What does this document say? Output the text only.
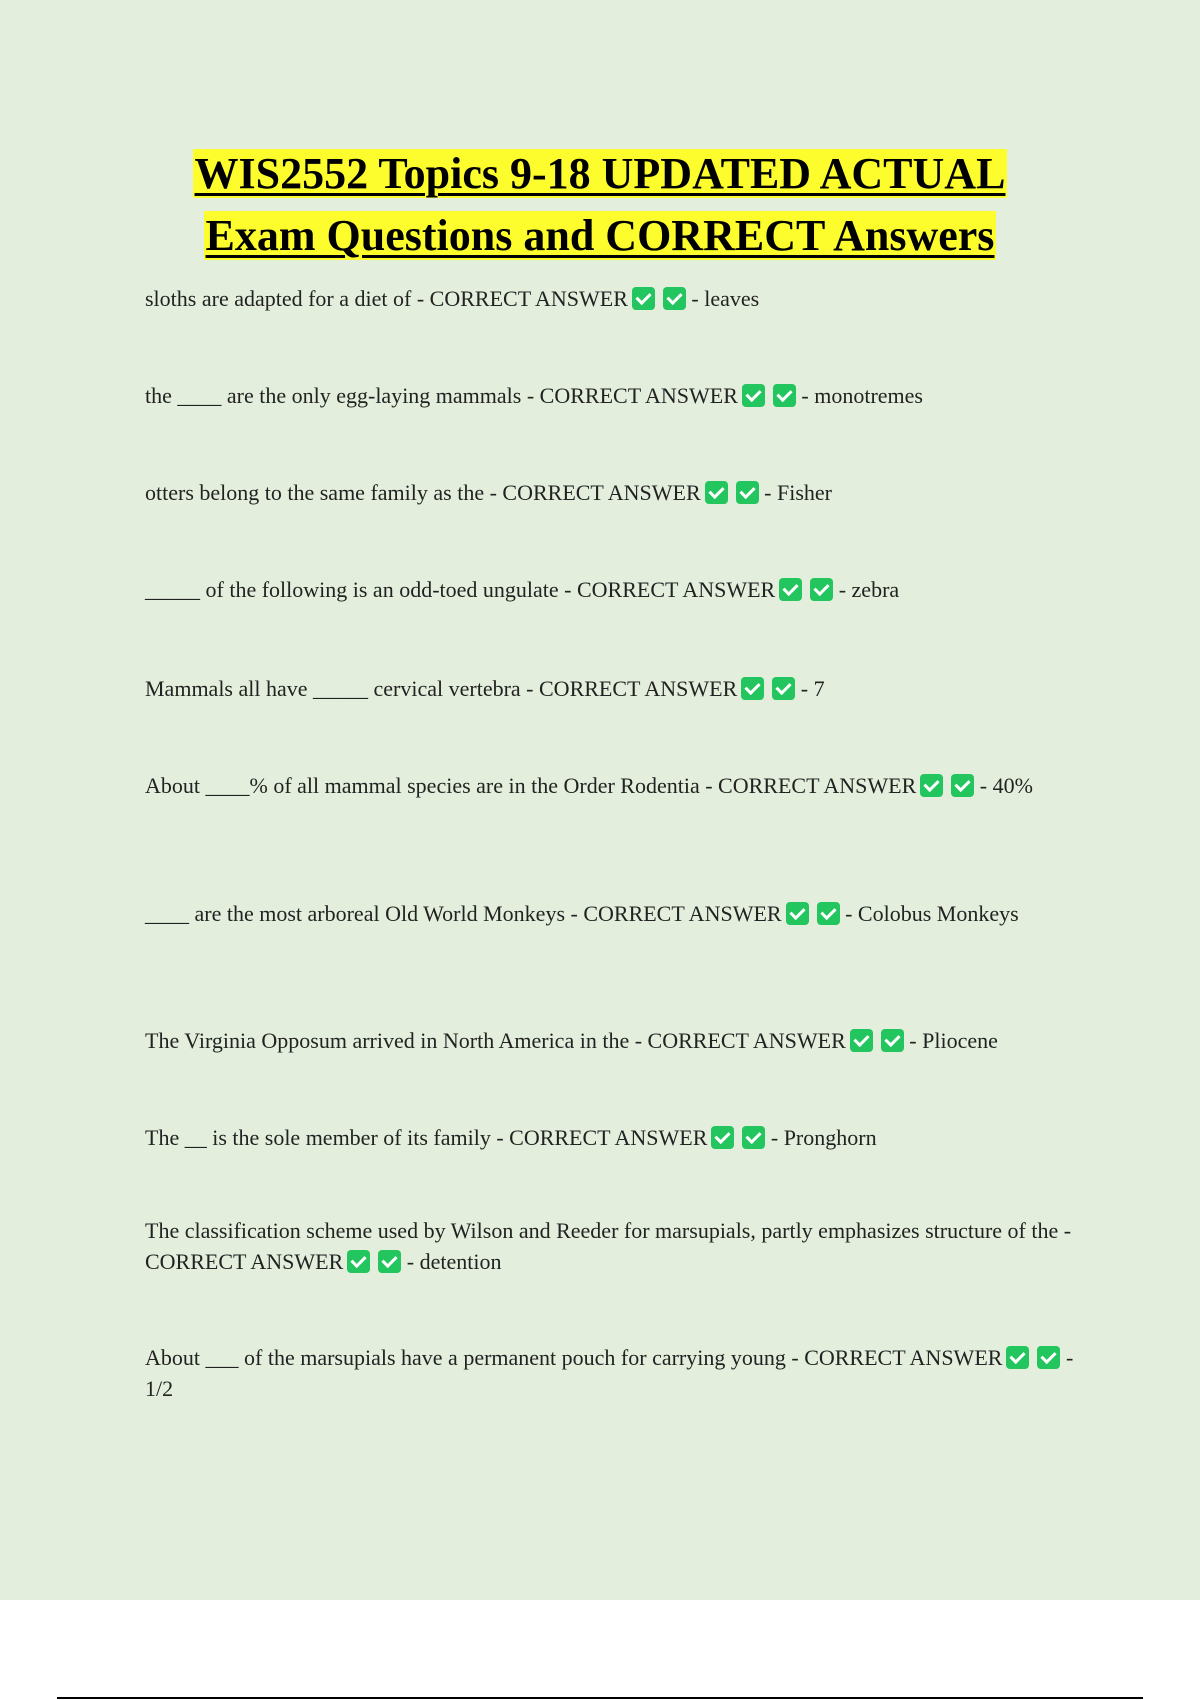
WIS2552 Topics 9-18 UPDATED ACTUAL
Exam Questions and CORRECT Answers

sloths are adapted for a diet of - CORRECT ANSWER	- leaves

the ____ are the only egg-laying mammals - CORRECT ANSWER	- monotremes

otters belong to the same family as the - CORRECT ANSWER	- Fisher

_____ of the following is an odd-toed ungulate - CORRECT ANSWER	- zebra

Mammals all have _____ cervical vertebra - CORRECT ANSWER	- 7

About ____% of all mammal species are in the Order Rodentia - CORRECT ANSWER	- 40%

____ are the most arboreal Old World Monkeys - CORRECT ANSWER	- Colobus Monkeys

The Virginia Opposum arrived in North America in the - CORRECT ANSWER	- Pliocene

The __ is the sole member of its family - CORRECT ANSWER	- Pronghorn

The classification scheme used by Wilson and Reeder for marsupials, partly emphasizes structure of the - CORRECT ANSWER	- detention

About ___ of the marsupials have a permanent pouch for carrying young - CORRECT ANSWER	- 1/2
